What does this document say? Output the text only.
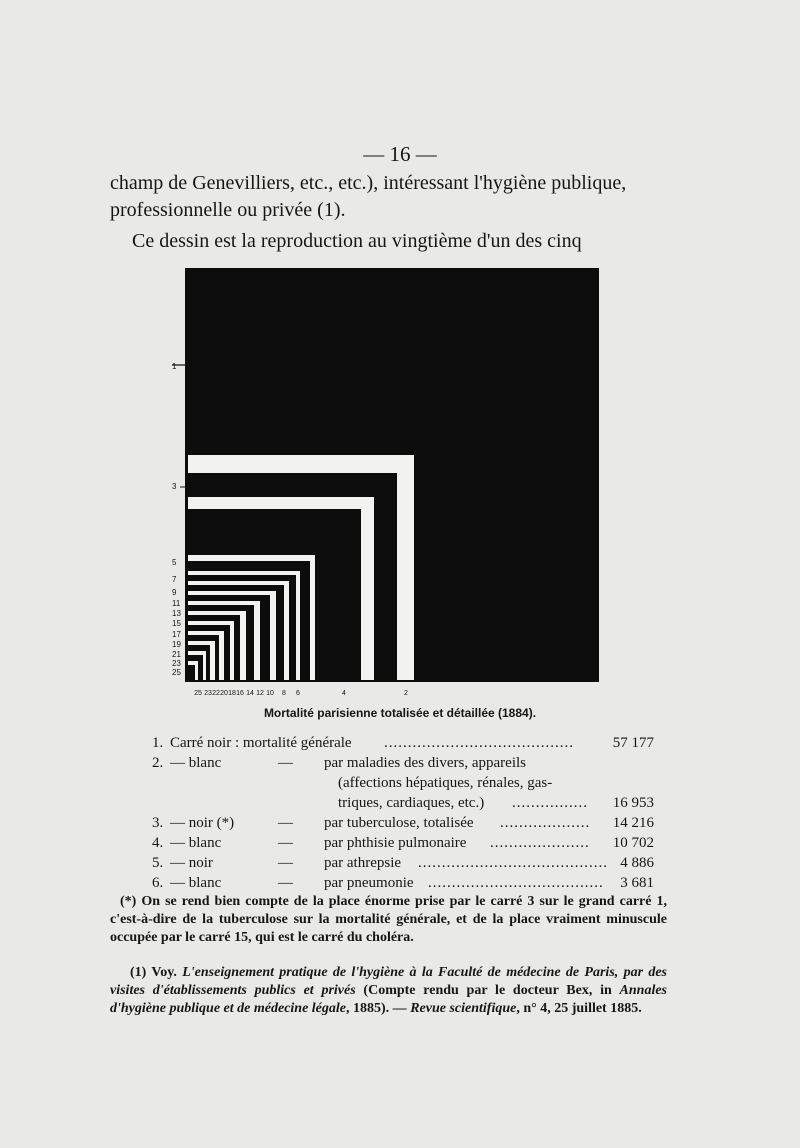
— 16 —
champ de Genevilliers, etc., etc.), intéressant l'hygiène publique,
professionnelle ou privée (1).
Ce dessin est la reproduction au vingtième d'un des cinq
1
3
5
7
9
11
13
15
17
19
21
23
25
25 23 22 20 18 16 14 12 10 8 6	4	2
Mortalité parisienne totalisée et détaillée (1884).
1. Carré noir : mortalité générale ........................................	57 177
2. — blanc	— par maladies des divers, appareils
(affections hépatiques, rénales, gas-
triques, cardiaques, etc.) ................ 16 953
3. — noir (*)	— par tuberculose, totalisée ................... 14 216
4. — blanc	— par phthisie pulmonaire ..................... 10 702
5. — noir	— par athrepsie ........................................ 4 886
6. — blanc	— par pneumonie ..................................... 3 681
(*) On se rend bien compte de la place énorme prise par le carré 3 sur le grand carré 1, c'est-à-dire de la tuberculose sur la mortalité générale, et de la place vraiment minuscule occupée par le carré 15, qui est le carré du choléra.
(1) Voy. L'enseignement pratique de l'hygiène à la Faculté de médecine de Paris, par des visites d'établissements publics et privés (Compte rendu par le docteur Bex, in Annales d'hygiène publique et de médecine légale, 1885). — Revue scientifique, n° 4, 25 juillet 1885.
